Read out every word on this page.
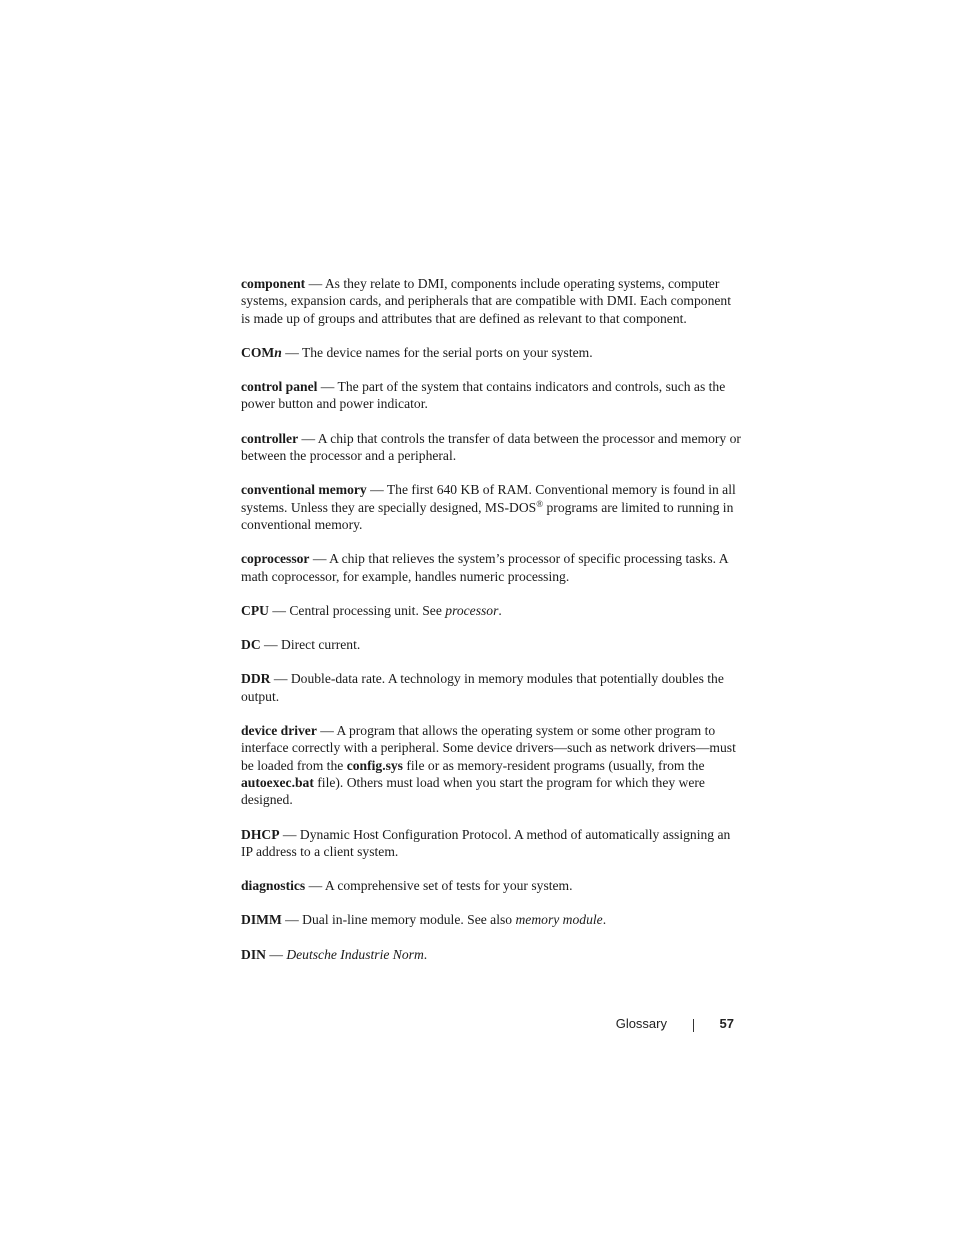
component — As they relate to DMI, components include operating systems, computer systems, expansion cards, and peripherals that are compatible with DMI. Each component is made up of groups and attributes that are defined as relevant to that component.

COMn — The device names for the serial ports on your system.

control panel — The part of the system that contains indicators and controls, such as the power button and power indicator.

controller — A chip that controls the transfer of data between the processor and memory or between the processor and a peripheral.

conventional memory — The first 640 KB of RAM. Conventional memory is found in all systems. Unless they are specially designed, MS-DOS® programs are limited to running in conventional memory.

coprocessor — A chip that relieves the system’s processor of specific processing tasks. A math coprocessor, for example, handles numeric processing.

CPU — Central processing unit. See processor.

DC — Direct current.

DDR — Double-data rate. A technology in memory modules that potentially doubles the output.

device driver — A program that allows the operating system or some other program to interface correctly with a peripheral. Some device drivers—such as network drivers—must be loaded from the config.sys file or as memory-resident programs (usually, from the autoexec.bat file). Others must load when you start the program for which they were designed.

DHCP — Dynamic Host Configuration Protocol. A method of automatically assigning an IP address to a client system.

diagnostics — A comprehensive set of tests for your system.

DIMM — Dual in-line memory module. See also memory module.

DIN — Deutsche Industrie Norm.

Glossary	57
